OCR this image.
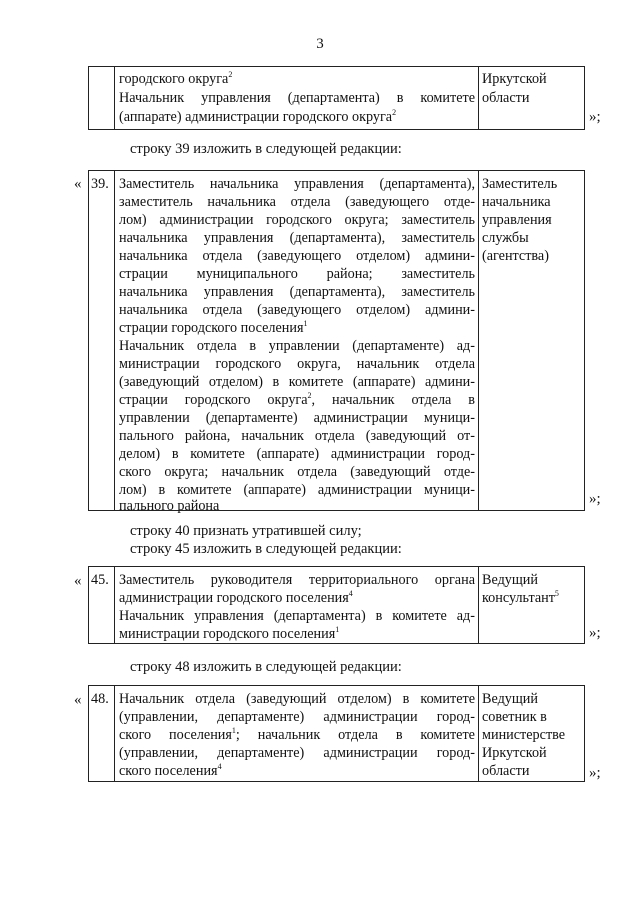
3
городского округа$^2$
Начальник управления (департамента) в комитете
(аппарате) администрации городского округа$^2$
Иркутской
области
»;
строку 39 изложить в следующей редакции:
« 39. Заместитель начальника управления (департамента),
заместитель начальника отдела (заведующего отде-
лом) администрации городского округа; заместитель
начальника управления (департамента), заместитель
начальника отдела (заведующего отделом) админи-
страции муниципального района; заместитель
начальника управления (департамента), заместитель
начальника отдела (заведующего отделом) админи-
страции городского поселения$^1$
Начальник отдела в управлении (департаменте) ад-
министрации городского округа, начальник отдела
(заведующий отделом) в комитете (аппарате) админи-
страции городского округа$^2$, начальник отдела в
управлении (департаменте) администрации муници-
пального района, начальник отдела (заведующий от-
делом) в комитете (аппарате) администрации город-
ского округа; начальник отдела (заведующий отде-
лом) в комитете (аппарате) администрации муници-
пального района
Заместитель
начальника
управления
службы
(агентства)
»;
строку 40 признать утратившей силу;
строку 45 изложить в следующей редакции:
« 45. Заместитель руководителя территориального органа
администрации городского поселения$^4$
Начальник управления (департамента) в комитете ад-
министрации городского поселения$^1$
Ведущий
консультант$^5$
»;
строку 48 изложить в следующей редакции:
« 48. Начальник отдела (заведующий отделом) в комитете
(управлении, департаменте) администрации город-
ского поселения$^1$; начальник отдела в комитете
(управлении, департаменте) администрации город-
ского поселения$^4$
Ведущий
советник в
министерстве
Иркутской
области	»;
